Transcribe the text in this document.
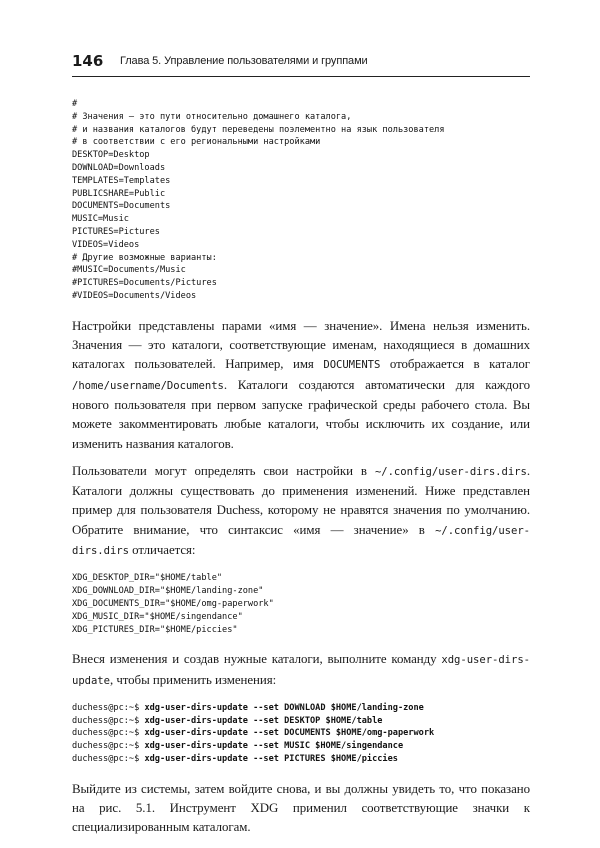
146 Глава 5. Управление пользователями и группами
#
# Значения – это пути относительно домашнего каталога,
# и названия каталогов будут переведены поэлементно на язык пользователя
# в соответствии с его региональными настройками
DESKTOP=Desktop
DOWNLOAD=Downloads
TEMPLATES=Templates
PUBLICSHARE=Public
DOCUMENTS=Documents
MUSIC=Music
PICTURES=Pictures
VIDEOS=Videos
# Другие возможные варианты:
#MUSIC=Documents/Music
#PICTURES=Documents/Pictures
#VIDEOS=Documents/Videos

Настройки представлены парами «имя — значение». Имена нельзя изменить. Значения — это каталоги, соответствующие именам, находящиеся в домашних каталогах пользователей. Например, имя DOCUMENTS отображается в каталог /home/username/Documents. Каталоги создаются автоматически для каждого нового пользователя при первом запуске графической среды рабочего стола. Вы можете закомментировать любые каталоги, чтобы исключить их создание, или изменить названия каталогов.

Пользователи могут определять свои настройки в ~/.config/user-dirs.dirs. Каталоги должны существовать до применения изменений. Ниже представлен пример для пользователя Duchess, которому не нравятся значения по умолчанию. Обратите внимание, что синтаксис «имя — значение» в ~/.config/user-dirs.dirs отличается:

XDG_DESKTOP_DIR="$HOME/table"
XDG_DOWNLOAD_DIR="$HOME/landing-zone"
XDG_DOCUMENTS_DIR="$HOME/omg-paperwork"
XDG_MUSIC_DIR="$HOME/singendance"
XDG_PICTURES_DIR="$HOME/piccies"

Внеся изменения и создав нужные каталоги, выполните команду xdg-user-dirs-update, чтобы применить изменения:

duchess@pc:~$ xdg-user-dirs-update --set DOWNLOAD $HOME/landing-zone
duchess@pc:~$ xdg-user-dirs-update --set DESKTOP $HOME/table
duchess@pc:~$ xdg-user-dirs-update --set DOCUMENTS $HOME/omg-paperwork
duchess@pc:~$ xdg-user-dirs-update --set MUSIC $HOME/singendance
duchess@pc:~$ xdg-user-dirs-update --set PICTURES $HOME/piccies

Выйдите из системы, затем войдите снова, и вы должны увидеть то, что показано на рис. 5.1. Инструмент XDG применил соответствующие значки к специализированным каталогам.
